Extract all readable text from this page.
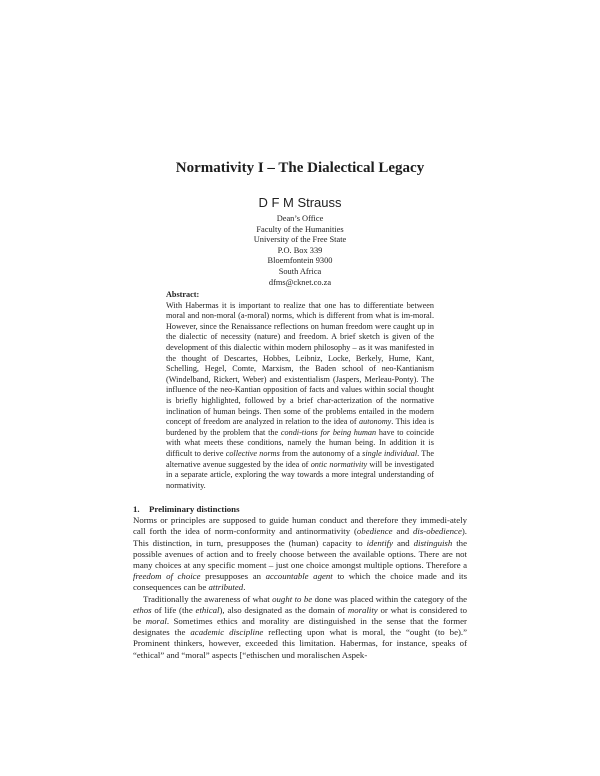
Normativity I – The Dialectical Legacy
D F M Strauss
Dean’s Office
Faculty of the Humanities
University of the Free State
P.O. Box 339
Bloemfontein 9300
South Africa
dfms@cknet.co.za
Abstract:
With Habermas it is important to realize that one has to differentiate between moral and non-moral (a-moral) norms, which is different from what is im-moral. However, since the Renaissance reflections on human freedom were caught up in the dialectic of necessity (nature) and freedom. A brief sketch is given of the development of this dialectic within modern philosophy – as it was manifested in the thought of Descartes, Hobbes, Leibniz, Locke, Berkely, Hume, Kant, Schelling, Hegel, Comte, Marxism, the Baden school of neo-Kantianism (Windelband, Rickert, Weber) and existentialism (Jaspers, Merleau-Ponty). The influence of the neo-Kantian opposition of facts and values within social thought is briefly highlighted, followed by a brief char-acterization of the normative inclination of human beings. Then some of the problems entailed in the modern concept of freedom are analyzed in relation to the idea of autonomy. This idea is burdened by the problem that the condi-tions for being human have to coincide with what meets these conditions, namely the human being. In addition it is difficult to derive collective norms from the autonomy of a single individual. The alternative avenue suggested by the idea of ontic normativity will be investigated in a separate article, exploring the way towards a more integral understanding of normativity.
1. Preliminary distinctions

Norms or principles are supposed to guide human conduct and therefore they immedi-ately call forth the idea of norm-conformity and antinormativity (obedience and dis-obedience). This distinction, in turn, presupposes the (human) capacity to identify and distinguish the possible avenues of action and to freely choose between the available options. There are not many choices at any specific moment – just one choice amongst multiple options. Therefore a freedom of choice presupposes an accountable agent to which the choice made and its consequences can be attributed.

Traditionally the awareness of what ought to be done was placed within the category of the ethos of life (the ethical), also designated as the domain of morality or what is considered to be moral. Sometimes ethics and morality are distinguished in the sense that the former designates the academic discipline reflecting upon what is moral, the “ought (to be).” Prominent thinkers, however, exceeded this limitation. Habermas, for instance, speaks of “ethical” and “moral” aspects [“ethischen und moralischen Aspek-
